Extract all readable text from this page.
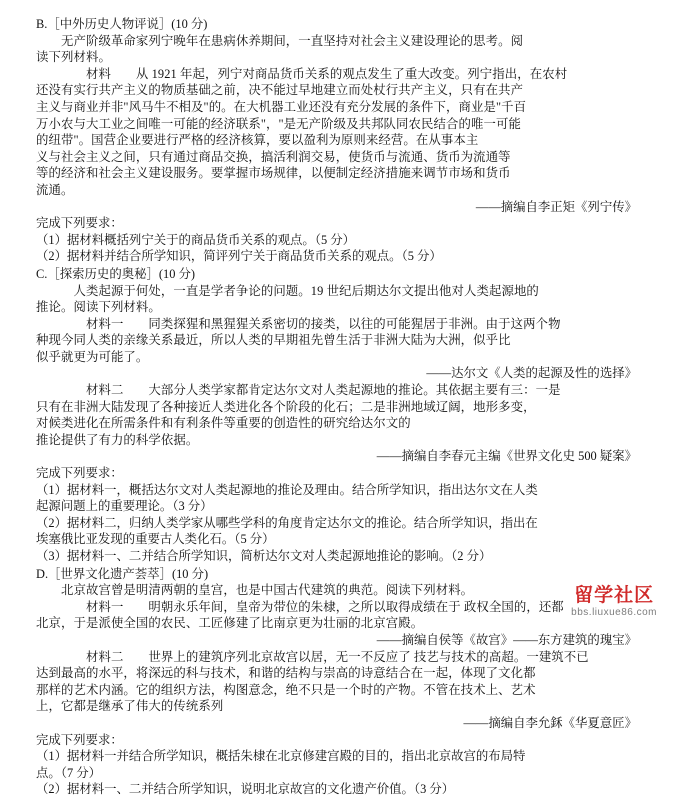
B.［中外历史人物评说］(10 分)
　　无产阶级革命家列宁晚年在患病休养期间，一直坚持对社会主义建设理论的思考。阅
读下列材料。
　　　　材料　　从 1921 年起，列宁对商品货币关系的观点发生了重大改变。列宁指出，在农村
还没有实行共产主义的物质基础之前，决不能过早地建立而处杖行共产主义，只有在共产
主义与商业并非"风马牛不相及"的。在大机器工业还没有充分发展的条件下，商业是"千百
万小农与大工业之间唯一可能的经济联系"，"是无产阶级及共邦队同农民结合的唯一可能
的纽带"。国营企业要进行严格的经济核算，要以盈利为原则来经营。在从事本主
义与社会主义之间，只有通过商品交换，搞活利润交易，使货币与流通、货币为流通等
等的经济和社会主义建设服务。要掌握市场规律，以便制定经济措施来调节市场和货币
流通。
——摘编自李正矩《列宁传》
完成下列要求：
（1）据材料概括列宁关于的商品货币关系的观点。（5 分）
（2）据材料并结合所学知识，简评列宁关于商品货币关系的观点。（5 分）
C.［探索历史的奥秘］(10 分)
　　　人类起源于何处，一直是学者争论的问题。19 世纪后期达尔文提出他对人类起源地的
推论。阅读下列材料。
　　　　材料一　　同类探猩和黑猩猩关系密切的接类，以往的可能猩居于非洲。由于这两个物
种现今同人类的亲缘关系最近，所以人类的早期祖先曾生活于非洲大陆为大洲，似乎比
似乎就更为可能了。
——达尔文《人类的起源及性的选择》
　　　　材料二　　大部分人类学家都肯定达尔文对人类起源地的推论。其依据主要有三：一是
只有在非洲大陆发现了各种接近人类进化各个阶段的化石；二是非洲地域辽阔，地形多变，
对候类进化在所需条件和有利条件等重要的创造性的研究给达尔文的
推论提供了有力的科学依据。
——摘编自李春元主编《世界文化史 500 疑案》
完成下列要求：
（1）据材料一，概括达尔文对人类起源地的推论及理由。结合所学知识，指出达尔文在人类
起源问题上的重要理论。（3 分）
（2）据材料二，归纳人类学家从哪些学科的角度肯定达尔文的推论。结合所学知识，指出在
埃塞俄比亚发现的重要古人类化石。（5 分）
（3）据材料一、二并结合所学知识，简析达尔文对人类起源地推论的影响。（2 分）
D.［世界文化遗产荟萃］(10 分)
　　北京故宫曾是明清两朝的皇宫，也是中国古代建筑的典范。阅读下列材料。
　　　　材料一　　明朝永乐年间，皇帝为带位的朱棣，之所以取得成绩在于 政权全国的，还都
北京，于是派使全国的农民、工匠修建了比南京更为壮丽的北京宫殿。
——摘编自侯等《故宫》——东方建筑的瑰宝》
　　　　材料二　　世界上的建筑序列北京故宫以居，无一不反应了 技艺与技术的高超。一建筑不已
达到最高的水平，将深远的科与技术，和谐的结构与崇高的诗意结合在一起，体现了文化都
那样的艺术内涵。它的组织方法，构图意念，绝不只是一个时的产物。不管在技术上、艺术
上，它都是继承了伟大的传统系列
——摘编自李允鉌《华夏意匠》
完成下列要求：
（1）据材料一并结合所学知识，概括朱棣在北京修建宫殿的目的，指出北京故宫的布局特
点。（7 分）
（2）据材料一、二并结合所学知识，说明北京故宫的文化遗产价值。（3 分）
留学社区
bbs.liuxue86.com
